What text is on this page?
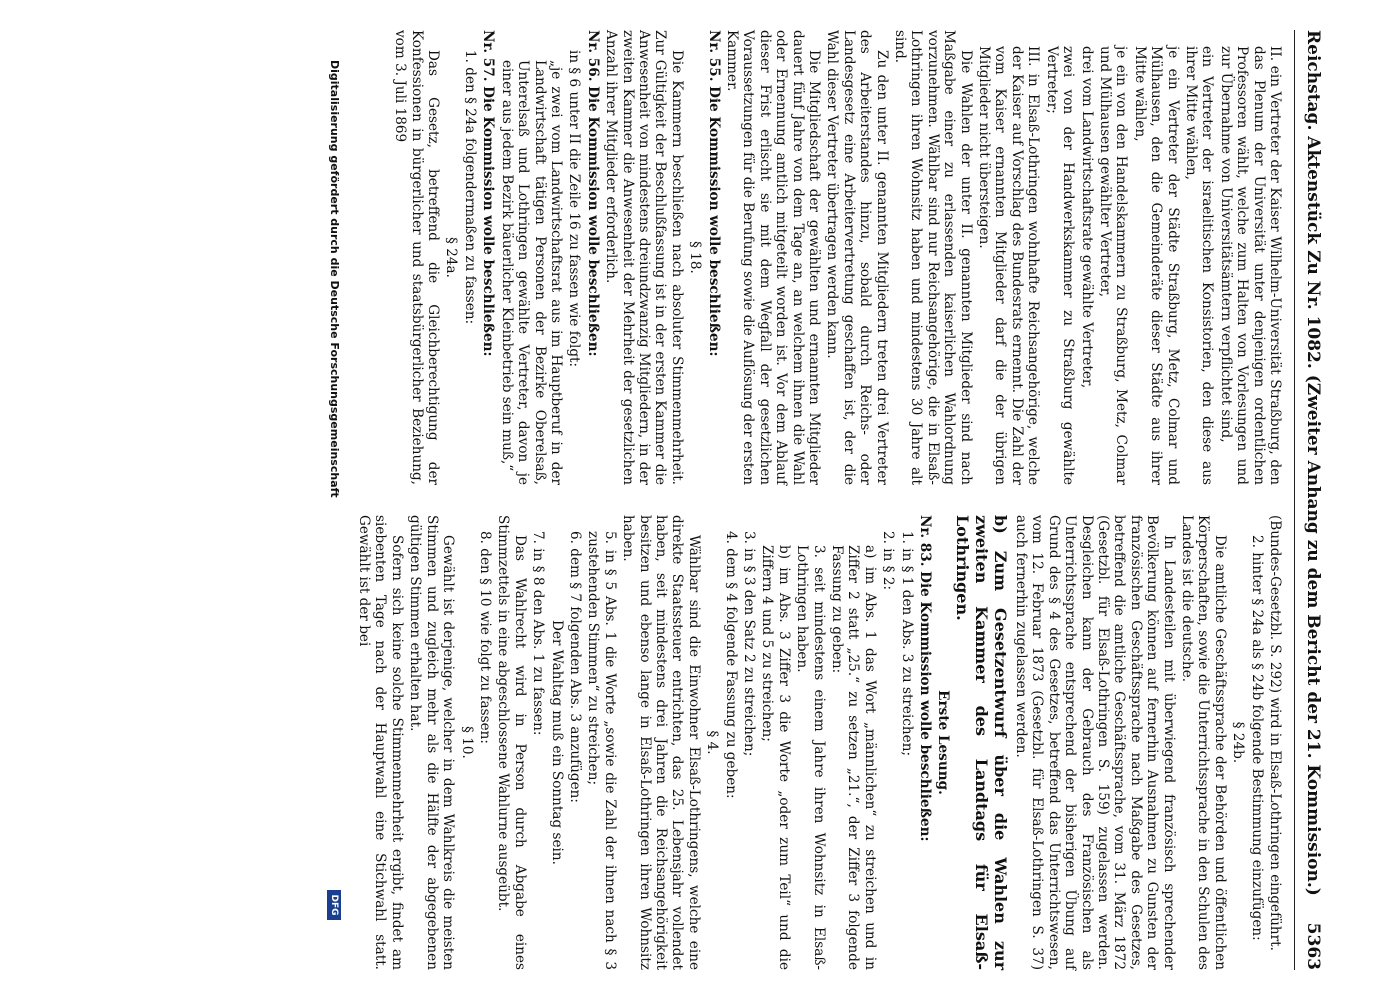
Reichstag. Aktenstück Zu Nr. 1082. (Zweiter Anhang zu dem Bericht der 21. Kommission.)
5363

II. ein Vertreter der Kaiser Wilhelm-Universität Straßburg, den das Plenum der Universität unter denjenigen ordentlichen Professoren wählt, welche zum Halten von Vorlesungen und zur Übernahme von Universitätsämtern verpflichtet sind,

ein Vertreter der israelitischen Konsistorien, den diese aus ihrer Mitte wählen,

je ein Vertreter der Städte Straßburg, Metz, Colmar und Mülhausen, den die Gemeinderäte dieser Städte aus ihrer Mitte wählen,

je ein von den Handelskammern zu Straßburg, Metz, Colmar und Mülhausen gewählter Vertreter,

drei vom Landwirtschaftsrate gewählte Vertreter,

zwei von der Handwerkskammer zu Straßburg gewählte Vertreter;

III. in Elsaß-Lothringen wohnhafte Reichsangehörige, welche der Kaiser auf Vorschlag des Bundesrats ernennt. Die Zahl der vom Kaiser ernannten Mitglieder darf die der übrigen Mitglieder nicht übersteigen.

Die Wahlen der unter II. genannten Mitglieder sind nach Maßgabe einer zu erlassenden kaiserlichen Wahlordnung vorzunehmen. Wählbar sind nur Reichsangehörige, die in Elsaß-Lothringen ihren Wohnsitz haben und mindestens 30 Jahre alt sind.

Zu den unter II. genannten Mitgliedern treten drei Vertreter des Arbeiterstandes hinzu, sobald durch Reichs- oder Landesgesetz eine Arbeitervertretung geschaffen ist, der die Wahl dieser Vertreter übertragen werden kann.

Die Mitgliedschaft der gewählten und ernannten Mitglieder dauert fünf Jahre von dem Tage an, an welchem ihnen die Wahl oder Ernennung amtlich mitgeteilt worden ist. Vor dem Ablauf dieser Frist erlischt sie mit dem Wegfall der gesetzlichen Voraussetzungen für die Berufung sowie die Auflösung der ersten Kammer.

Nr. 55. Die Kommission wolle beschließen:

§ 18.

Die Kammern beschließen nach absoluter Stimmenmehrheit. Zur Gültigkeit der Beschlußfassung ist in der ersten Kammer die Anwesenheit von mindestens dreiundzwanzig Mitgliedern, in der zweiten Kammer die Anwesenheit der Mehrheit der gesetzlichen Anzahl ihrer Mitglieder erforderlich.

Nr. 56. Die Kommission wolle beschließen:

in § 6 unter II die Zeile 16 zu fassen wie folgt:

„je zwei vom Landwirtschaftsrat aus im Hauptberuf in der Landwirtschaft tätigen Personen der Bezirke Oberelsaß, Unterelsaß und Lothringen gewählte Vertreter, davon je einer aus jedem Bezirk bäuerlicher Kleinbetrieb sein muß,“

Nr. 57. Die Kommission wolle beschließen:

1. den § 24a folgendermaßen zu fassen:

§ 24a.

Das Gesetz, betreffend die Gleichberechtigung der Konfessionen in bürgerlicher und staatsbürgerlicher Beziehung, vom 3. Juli 1869

(Bundes-Gesetzbl. S. 292) wird in Elsaß-Lothringen eingeführt.

2. hinter § 24a als § 24b folgende Bestimmung einzufügen:

§ 24b.

Die amtliche Geschäftssprache der Behörden und öffentlichen Körperschaften, sowie die Unterrichtssprache in den Schulen des Landes ist die deutsche.

In Landesteilen mit überwiegend französisch sprechender Bevölkerung können auf fernerhin Ausnahmen zu Gunsten der französischen Geschäftssprache nach Maßgabe des Gesetzes, betreffend die amtliche Geschäftssprache, vom 31. März 1872 (Gesetzbl. für Elsaß-Lothringen S. 159) zugelassen werden. Desgleichen kann der Gebrauch des Französischen als Unterrichtssprache entsprechend der bisherigen Übung auf Grund des § 4 des Gesetzes, betreffend das Unterrichtswesen, vom 12. Februar 1873 (Gesetzbl. für Elsaß-Lothringen S. 37) auch fernerhin zugelassen werden.

b) Zum Gesetzentwurf über die Wahlen zur zweiten Kammer des Landtags für Elsaß-Lothringen.

Erste Lesung.

Nr. 83. Die Kommission wolle beschließen:

1. in § 1 den Abs. 3 zu streichen;

2. in § 2:

a) im Abs. 1 das Wort „männlichen“ zu streichen und in Ziffer 2 statt „25.“ zu setzen „21.“, der Ziffer 3 folgende Fassung zu geben:

3. seit mindestens einem Jahre ihren Wohnsitz in Elsaß-Lothringen haben.

b) im Abs. 3 Ziffer 3 die Worte „oder zum Teil“ und die Ziffern 4 und 5 zu streichen;

3. in § 3 den Satz 2 zu streichen;

4. dem § 4 folgende Fassung zu geben:

§ 4.

Wählbar sind die Einwohner Elsaß-Lothringens, welche eine direkte Staatssteuer entrichten, das 25. Lebensjahr vollendet haben, seit mindestens drei Jahren die Reichsangehörigkeit besitzen und ebenso lange in Elsaß-Lothringen ihren Wohnsitz haben.

5. in § 5 Abs. 1 die Worte „sowie die Zahl der ihnen nach § 3 zustehenden Stimmen“ zu streichen;

6. dem § 7 folgenden Abs. 3 anzufügen:

Der Wahltag muß ein Sonntag sein.

7. in § 8 den Abs. 1 zu fassen:

Das Wahlrecht wird in Person durch Abgabe eines Stimmzettels in eine abgeschlossene Wahlurne ausgeübt.

8. den § 10 wie folgt zu fassen:

§ 10.

Gewählt ist derjenige, welcher in dem Wahlkreis die meisten Stimmen und zugleich mehr als die Hälfte der abgegebenen gültigen Stimmen erhalten hat.

Sofern sich keine solche Stimmenmehrheit ergibt, findet am siebenten Tage nach der Hauptwahl eine Stichwahl statt. Gewählt ist der bei

Digitalisierung gefördert durch die Deutsche Forschungsgemeinschaft
DFG
